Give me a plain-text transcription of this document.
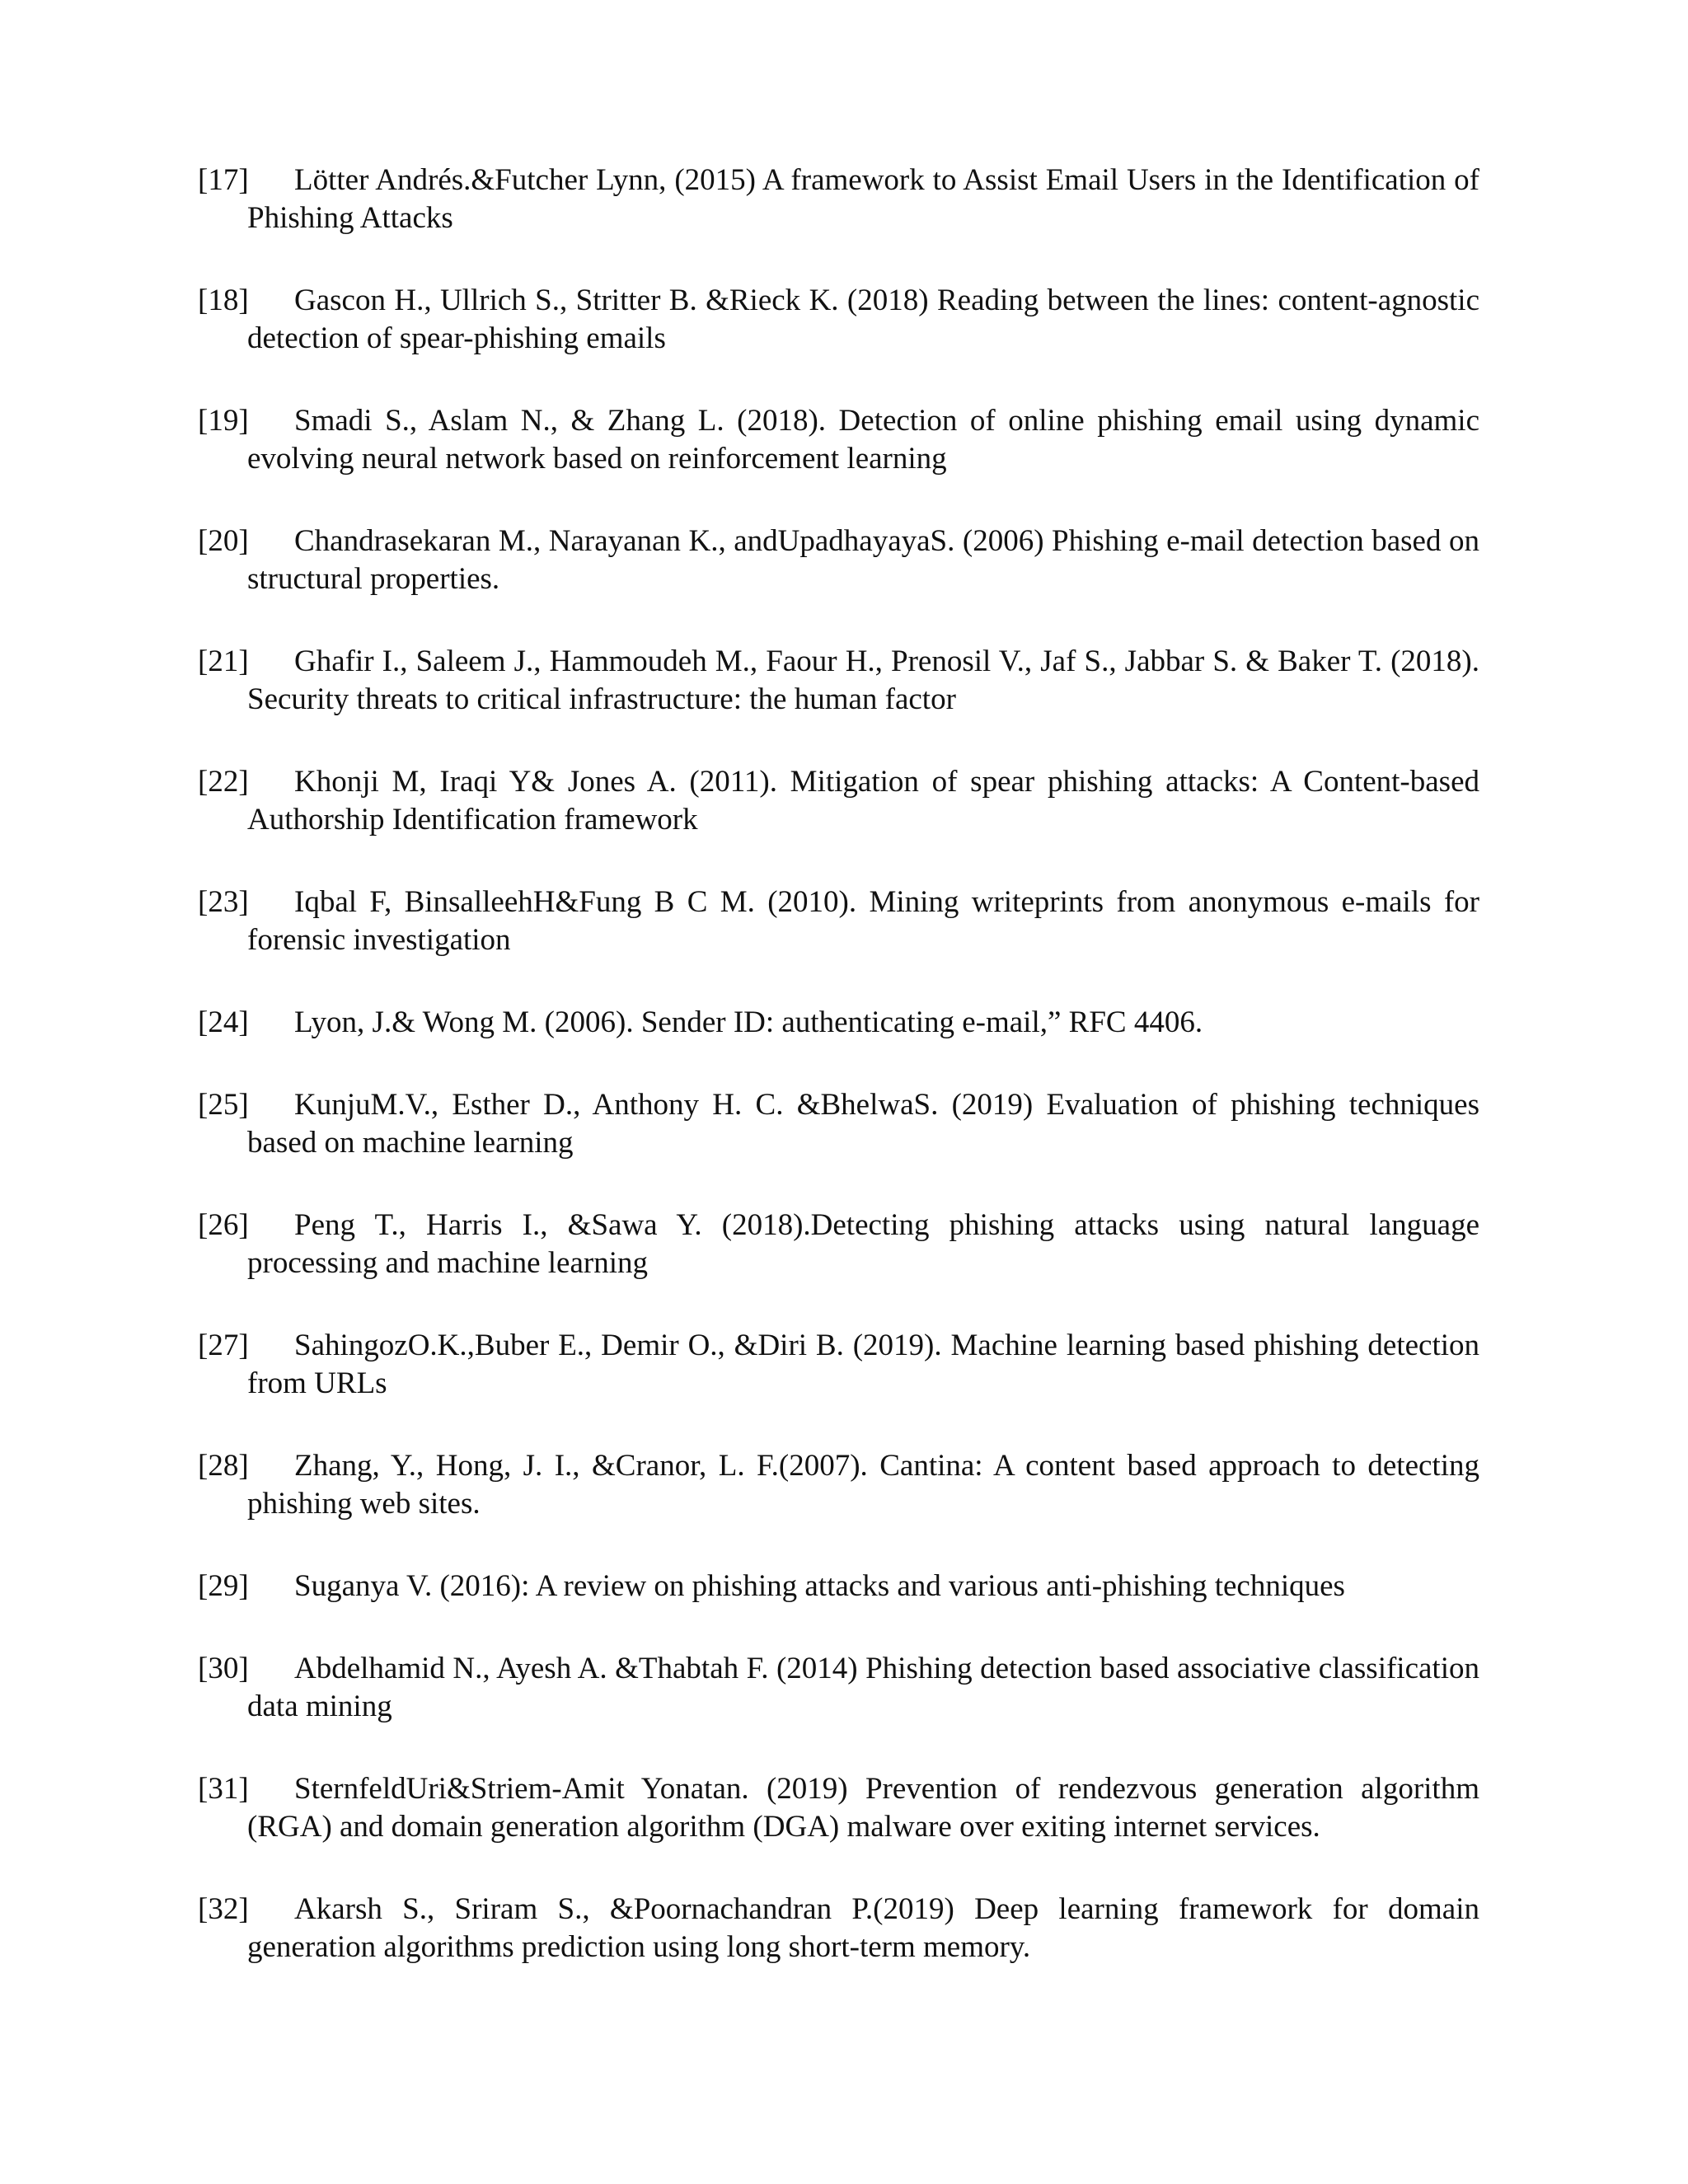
[17] Lötter Andrés.&Futcher Lynn, (2015) A framework to Assist Email Users in the Identification of Phishing Attacks
[18] Gascon H., Ullrich S., Stritter B. &Rieck K. (2018) Reading between the lines: content-agnostic detection of spear-phishing emails
[19] Smadi S., Aslam N., & Zhang L. (2018). Detection of online phishing email using dynamic evolving neural network based on reinforcement learning
[20] Chandrasekaran M., Narayanan K., andUpadhayayaS. (2006) Phishing e-mail detection based on structural properties.
[21] Ghafir I., Saleem J., Hammoudeh M., Faour H., Prenosil V., Jaf S., Jabbar S. & Baker T. (2018). Security threats to critical infrastructure: the human factor
[22] Khonji M, Iraqi Y& Jones A. (2011). Mitigation of spear phishing attacks: A Content-based Authorship Identification framework
[23] Iqbal F, BinsalleehH&Fung B C M. (2010). Mining writeprints from anonymous e-mails for forensic investigation
[24] Lyon, J.& Wong M. (2006). Sender ID: authenticating e-mail,” RFC 4406.
[25] KunjuM.V., Esther D., Anthony H. C. &BhelwaS. (2019) Evaluation of phishing techniques based on machine learning
[26] Peng T., Harris I., &Sawa Y. (2018).Detecting phishing attacks using natural language processing and machine learning
[27] SahingozO.K.,Buber E., Demir O., &Diri B. (2019). Machine learning based phishing detection from URLs
[28] Zhang, Y., Hong, J. I., &Cranor, L. F.(2007). Cantina: A content based approach to detecting phishing web sites.
[29] Suganya V. (2016): A review on phishing attacks and various anti-phishing techniques
[30] Abdelhamid N., Ayesh A. &Thabtah F. (2014) Phishing detection based associative classification data mining
[31] SternfeldUri&Striem-Amit Yonatan. (2019) Prevention of rendezvous generation algorithm (RGA) and domain generation algorithm (DGA) malware over exiting internet services.
[32] Akarsh S., Sriram S., &Poornachandran P.(2019) Deep learning framework for domain generation algorithms prediction using long short-term memory.
